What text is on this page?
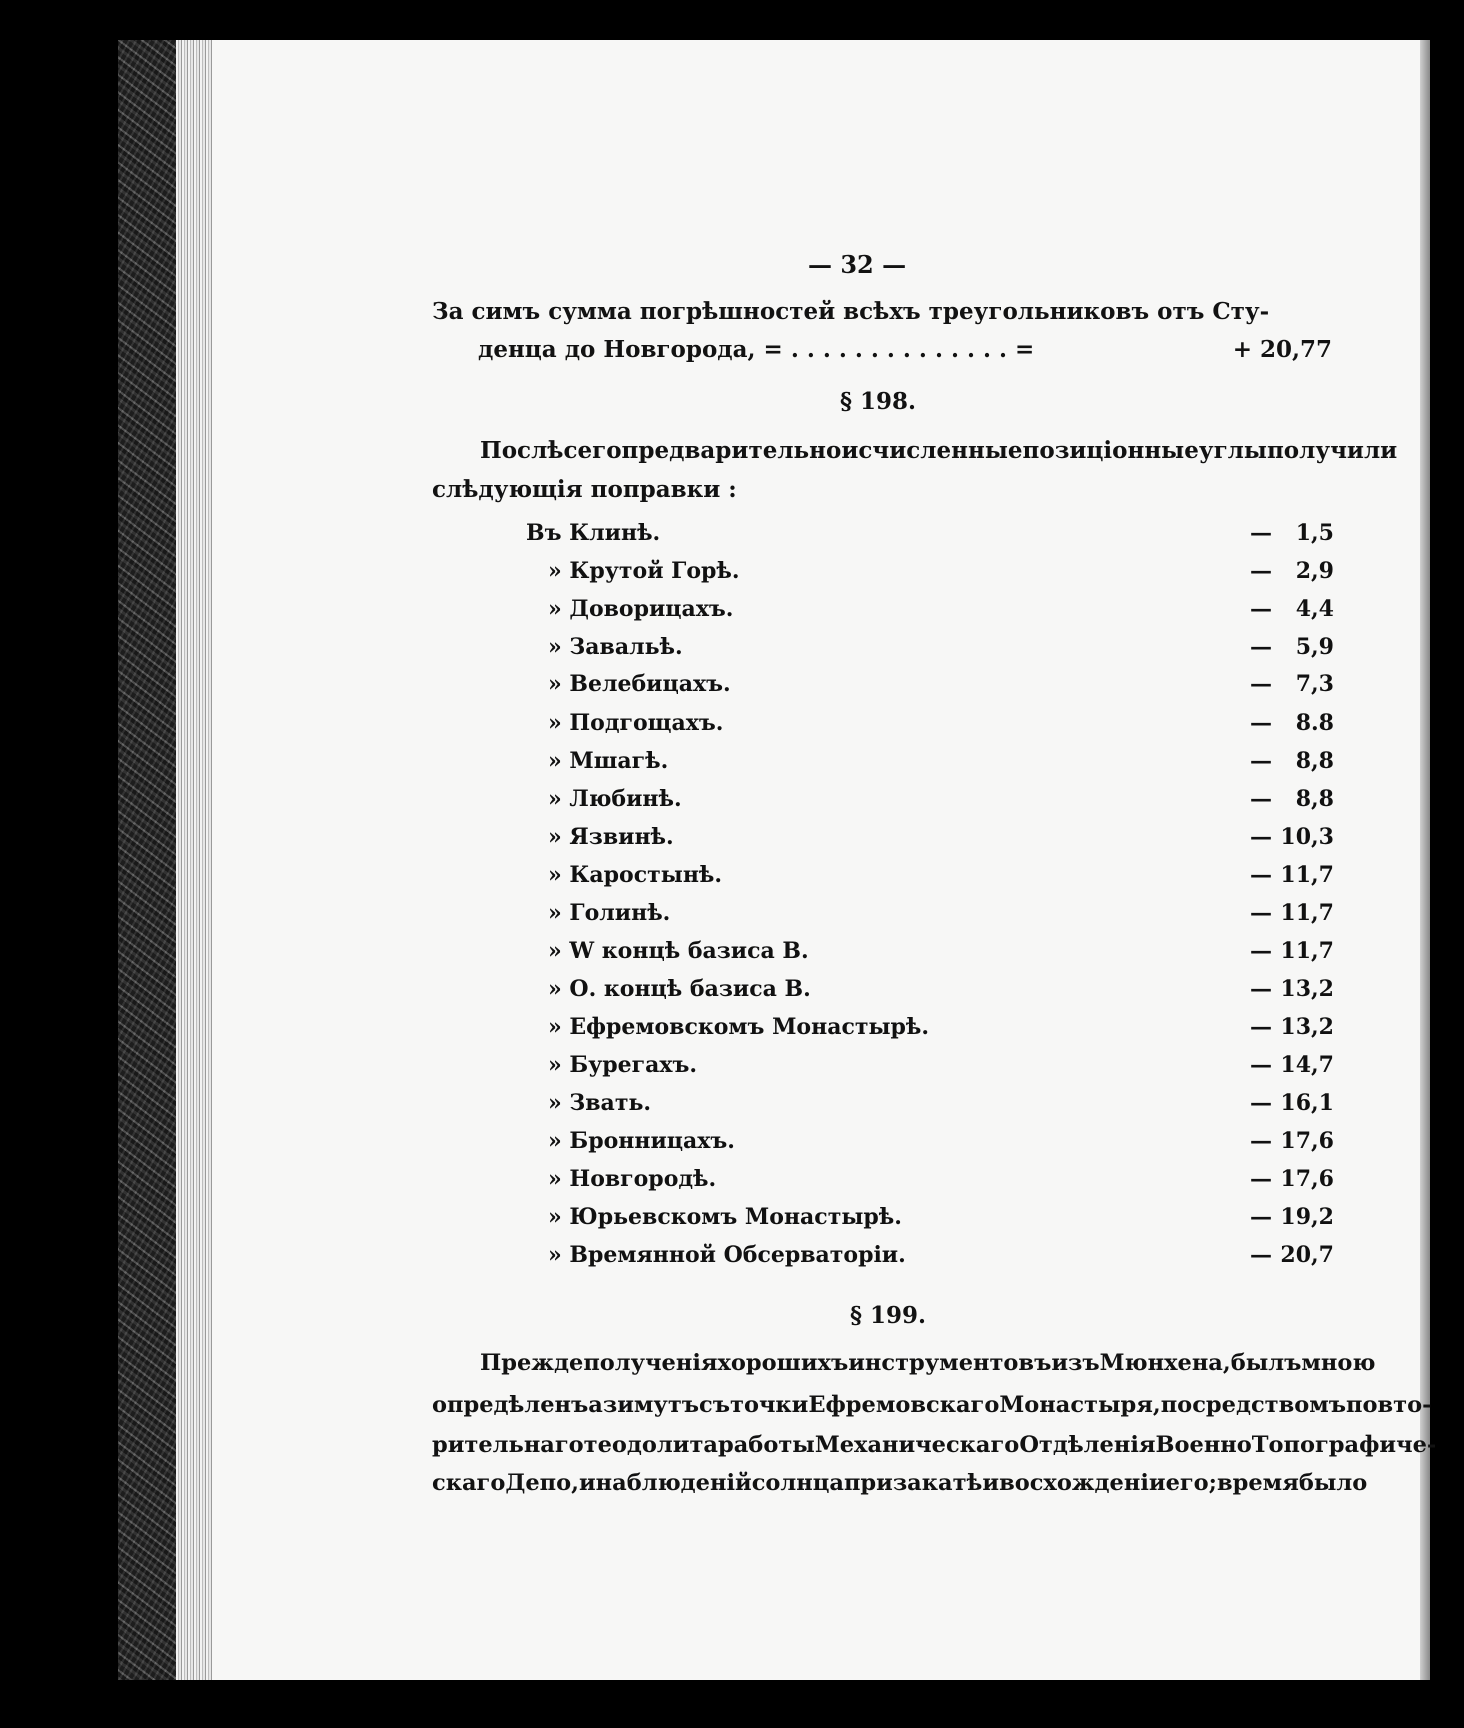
— 32 —
За симъ сумма погрѣшностей всѣхъ треугольниковъ отъ Сту-
денца до Новгорода, = . . . . . . . . . . . . . . =	+ 20,77
§ 198.
Послѣ сего предварительно исчисленные позиціонные углы получили
слѣдующія поправки :
Въ Клинѣ.	— 1,5
» Крутой Горѣ.	— 2,9
» Доворицахъ.	— 4,4
» Завальѣ.	— 5,9
» Велебицахъ.	— 7,3
» Подгощахъ.	— 8.8
» Мшагѣ.	— 8,8
» Любинѣ.	— 8,8
» Язвинѣ.	— 10,3
» Каростынѣ.	— 11,7
» Голинѣ.	— 11,7
» W концѣ базиса В.	— 11,7
» О. концѣ базиса В.	— 13,2
» Ефремовскомъ Монастырѣ.	— 13,2
» Бурегахъ.	— 14,7
» Звать.	— 16,1
» Бронницахъ.	— 17,6
» Новгородѣ.	— 17,6
» Юрьевскомъ Монастырѣ.	— 19,2
» Времянной Обсерваторіи.	— 20,7
§ 199.
Прежде полученія хорошихъ инструментовъ изъ Мюнхена, былъ мною
опредѣленъ азимутъ съ точки Ефремовскаго Монастыря, посредствомъ повто-
рительнаго теодолита работы Механическаго Отдѣленія Военно Топографиче-
скаго Депо, и наблюденій солнца при закатѣ и восхожденіи его; время было
